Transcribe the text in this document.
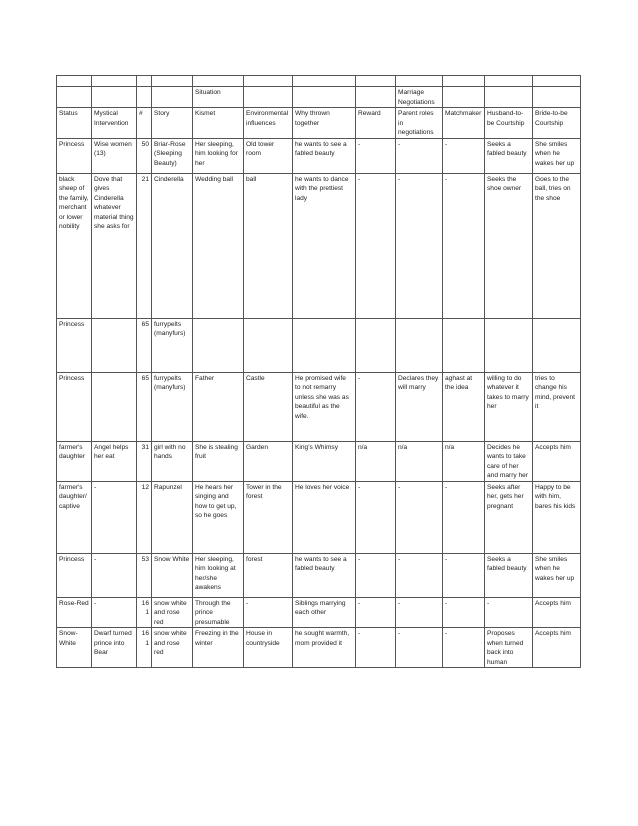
				Situation				Marriage Negotiations			
Status	Mystical Intervention	#	Story	Kismet	Environmental influences	Why thrown together	Reward	Parent roles in negotiations	Matchmaker	Husband-to-be Courtship	Bride-to-be Courtship
Princess	Wise women (13)	50	Briar-Rose (Sleeping Beauty)	Her sleeping, him looking for her	Old tower room	he wants to see a fabled beauty	-	-	-	Seeks a fabled beauty	She smiles when he wakes her up
black sheep of the family, merchant or lower nobility	Dove that gives Cinderella whatever material thing she asks for	21	Cinderella	Wedding ball	ball	he wants to dance with the prettiest lady	-	-	-	Seeks the shoe owner	Goes to the ball, tries on the shoe
Princess		65	furrypelts (manyfurs)								
Princess		65	furrypelts (manyfurs)	Father	Castle	He promised wife to not remarry unless she was as beautiful as the wife.	-	Declares they will marry	aghast at the idea	willing to do whatever it takes to marry her	tries to change his mind, prevent it
farmer's daughter	Angel helps her eat	31	girl with no hands	She is stealing fruit	Garden	King's Whimsy	n/a	n/a	n/a	Decides he wants to take care of her and marry her	Accepts him
farmer's daughter/captive	-	12	Rapunzel	He hears her singing and how to get up, so he goes	Tower in the forest	He loves her voice	-	-	-	Seeks after her, gets her pregnant	Happy to be with him, bares his kids
Princess	-	53	Snow White	Her sleeping, him looking at her/she awakens	forest	he wants to see a fabled beauty	-	-	-	Seeks a fabled beauty	She smiles when he wakes her up
Rose-Red	-	161	snow white and rose red	Through the prince presumable	-	Siblings marrying each other	-	-	-	-	Accepts him
Snow-White	Dwarf turned prince into Bear	161	snow white and rose red	Freezing in the winter	House in countryside	he sought warmth, mom provided it	-	-	-	Proposes when turned back into human	Accepts him
